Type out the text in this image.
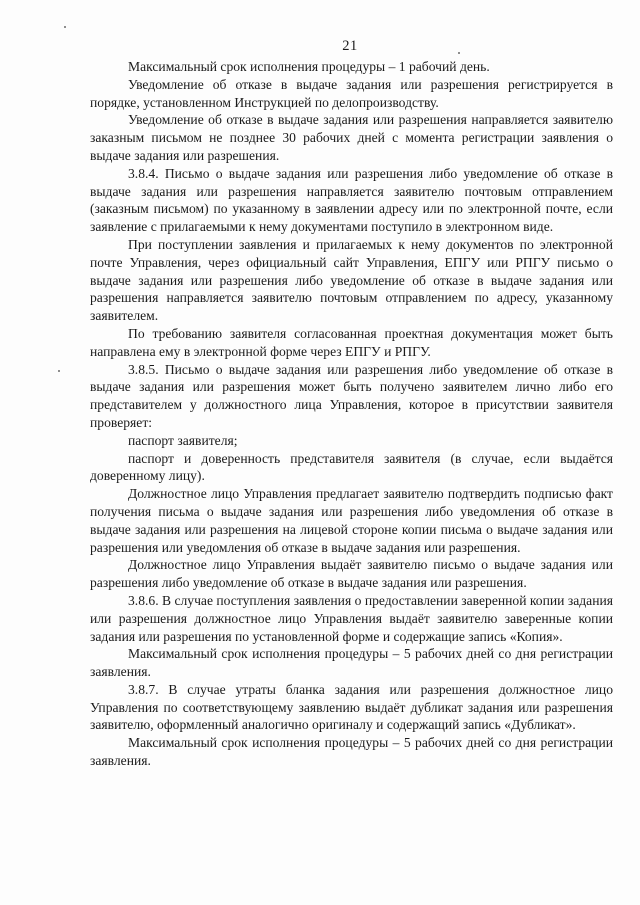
21

Максимальный срок исполнения процедуры – 1 рабочий день.

Уведомление об отказе в выдаче задания или разрешения регистрируется в порядке, установленном Инструкцией по делопроизводству.

Уведомление об отказе в выдаче задания или разрешения направляется заявителю заказным письмом не позднее 30 рабочих дней с момента регистрации заявления о выдаче задания или разрешения.

3.8.4. Письмо о выдаче задания или разрешения либо уведомление об отказе в выдаче задания или разрешения направляется заявителю почтовым отправлением (заказным письмом) по указанному в заявлении адресу или по электронной почте, если заявление с прилагаемыми к нему документами поступило в электронном виде.

При поступлении заявления и прилагаемых к нему документов по электронной почте Управления, через официальный сайт Управления, ЕПГУ или РПГУ письмо о выдаче задания или разрешения либо уведомление об отказе в выдаче задания или разрешения направляется заявителю почтовым отправлением по адресу, указанному заявителем.

По требованию заявителя согласованная проектная документация может быть направлена ему в электронной форме через ЕПГУ и РПГУ.

3.8.5. Письмо о выдаче задания или разрешения либо уведомление об отказе в выдаче задания или разрешения может быть получено заявителем лично либо его представителем у должностного лица Управления, которое в присутствии заявителя проверяет:

паспорт заявителя;

паспорт и доверенность представителя заявителя (в случае, если выдаётся доверенному лицу).

Должностное лицо Управления предлагает заявителю подтвердить подписью факт получения письма о выдаче задания или разрешения либо уведомления об отказе в выдаче задания или разрешения на лицевой стороне копии письма о выдаче задания или разрешения или уведомления об отказе в выдаче задания или разрешения.

Должностное лицо Управления выдаёт заявителю письмо о выдаче задания или разрешения либо уведомление об отказе в выдаче задания или разрешения.

3.8.6. В случае поступления заявления о предоставлении заверенной копии задания или разрешения должностное лицо Управления выдаёт заявителю заверенные копии задания или разрешения по установленной форме и содержащие запись «Копия».

Максимальный срок исполнения процедуры – 5 рабочих дней со дня регистрации заявления.

3.8.7. В случае утраты бланка задания или разрешения должностное лицо Управления по соответствующему заявлению выдаёт дубликат задания или разрешения заявителю, оформленный аналогично оригиналу и содержащий запись «Дубликат».

Максимальный срок исполнения процедуры – 5 рабочих дней со дня регистрации заявления.
